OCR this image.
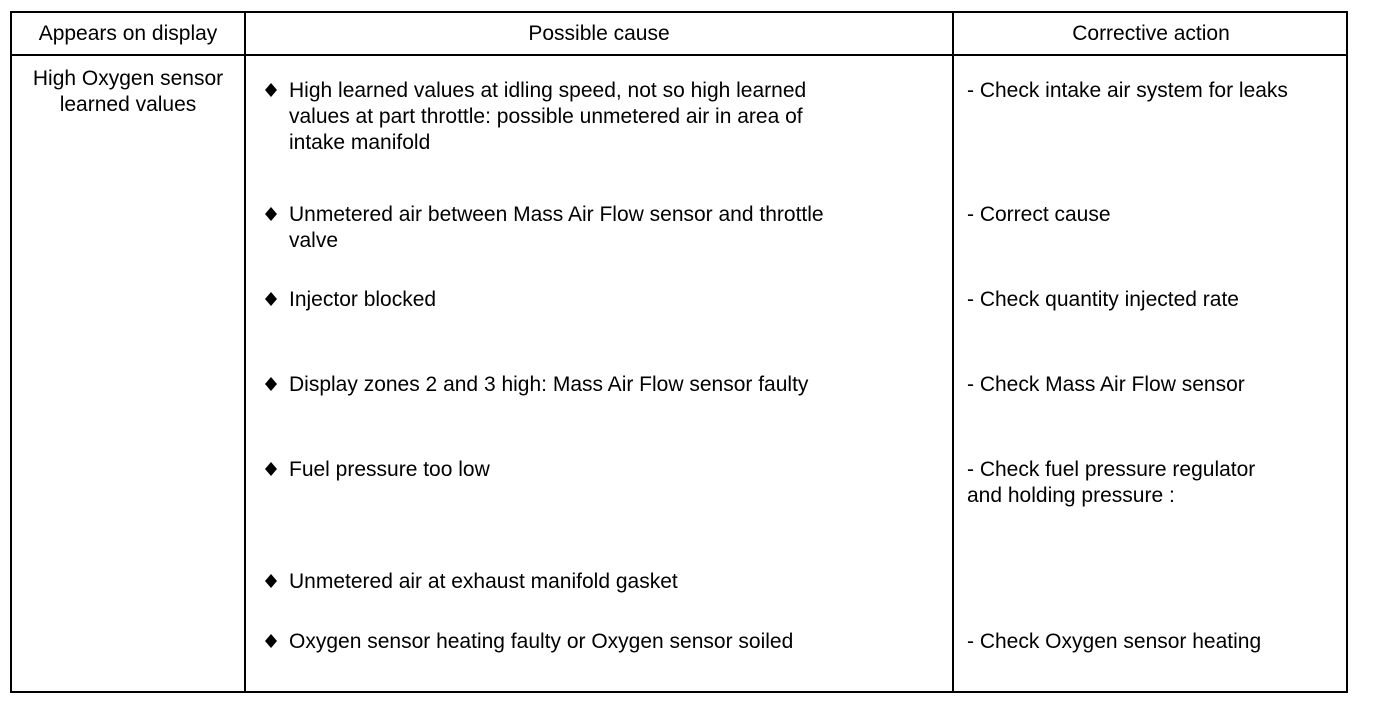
Appears on display	Possible cause	Corrective action
High Oxygen sensor
learned values
High learned values at idling speed, not so high learned
values at part throttle: possible unmetered air in area of
intake manifold
Unmetered air between Mass Air Flow sensor and throttle
valve
Injector blocked
Display zones 2 and 3 high: Mass Air Flow sensor faulty
Fuel pressure too low
Unmetered air at exhaust manifold gasket
Oxygen sensor heating faulty or Oxygen sensor soiled
- Check intake air system for leaks
- Correct cause
- Check quantity injected rate
- Check Mass Air Flow sensor
- Check fuel pressure regulator
and holding pressure ⁠:
- Check Oxygen sensor heating
